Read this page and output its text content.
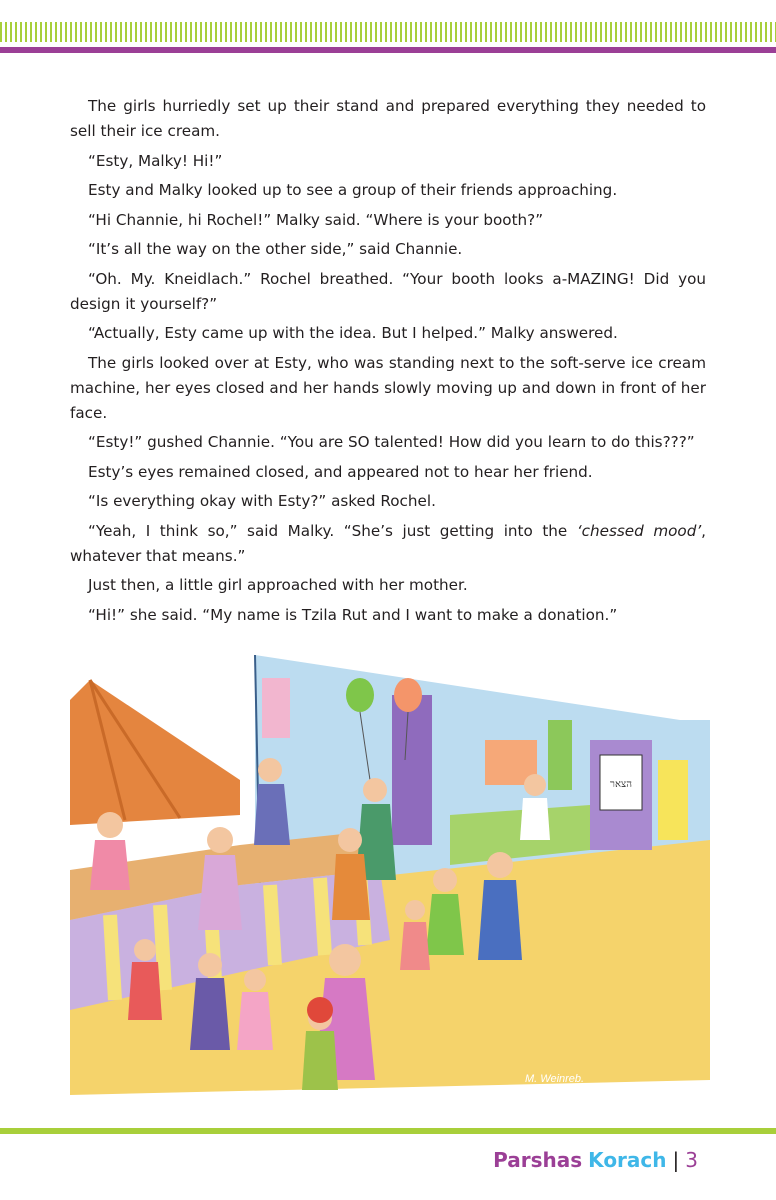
The girls hurriedly set up their stand and prepared everything they needed to sell their ice cream.

“Esty, Malky! Hi!”

Esty and Malky looked up to see a group of their friends approaching.

“Hi Channie, hi Rochel!” Malky said. “Where is your booth?”

“It’s all the way on the other side,” said Channie.

“Oh. My. Kneidlach.” Rochel breathed. “Your booth looks a-MAZING! Did you design it yourself?”

“Actually, Esty came up with the idea. But I helped.” Malky answered.

The girls looked over at Esty, who was standing next to the soft-serve ice cream machine, her eyes closed and her hands slowly moving up and down in front of her face.

“Esty!” gushed Channie. “You are SO talented! How did you learn to do this???”

Esty’s eyes remained closed, and appeared not to hear her friend.

“Is everything okay with Esty?” asked Rochel.

“Yeah, I think so,” said Malky. “She’s just getting into the ‘chessed mood’, whatever that means.”

Just then, a little girl approached with her mother.

“Hi!” she said. “My name is Tzila Rut and I want to make a donation.”

הצאר
M. Weinreb.
Parshas Korach | 3
